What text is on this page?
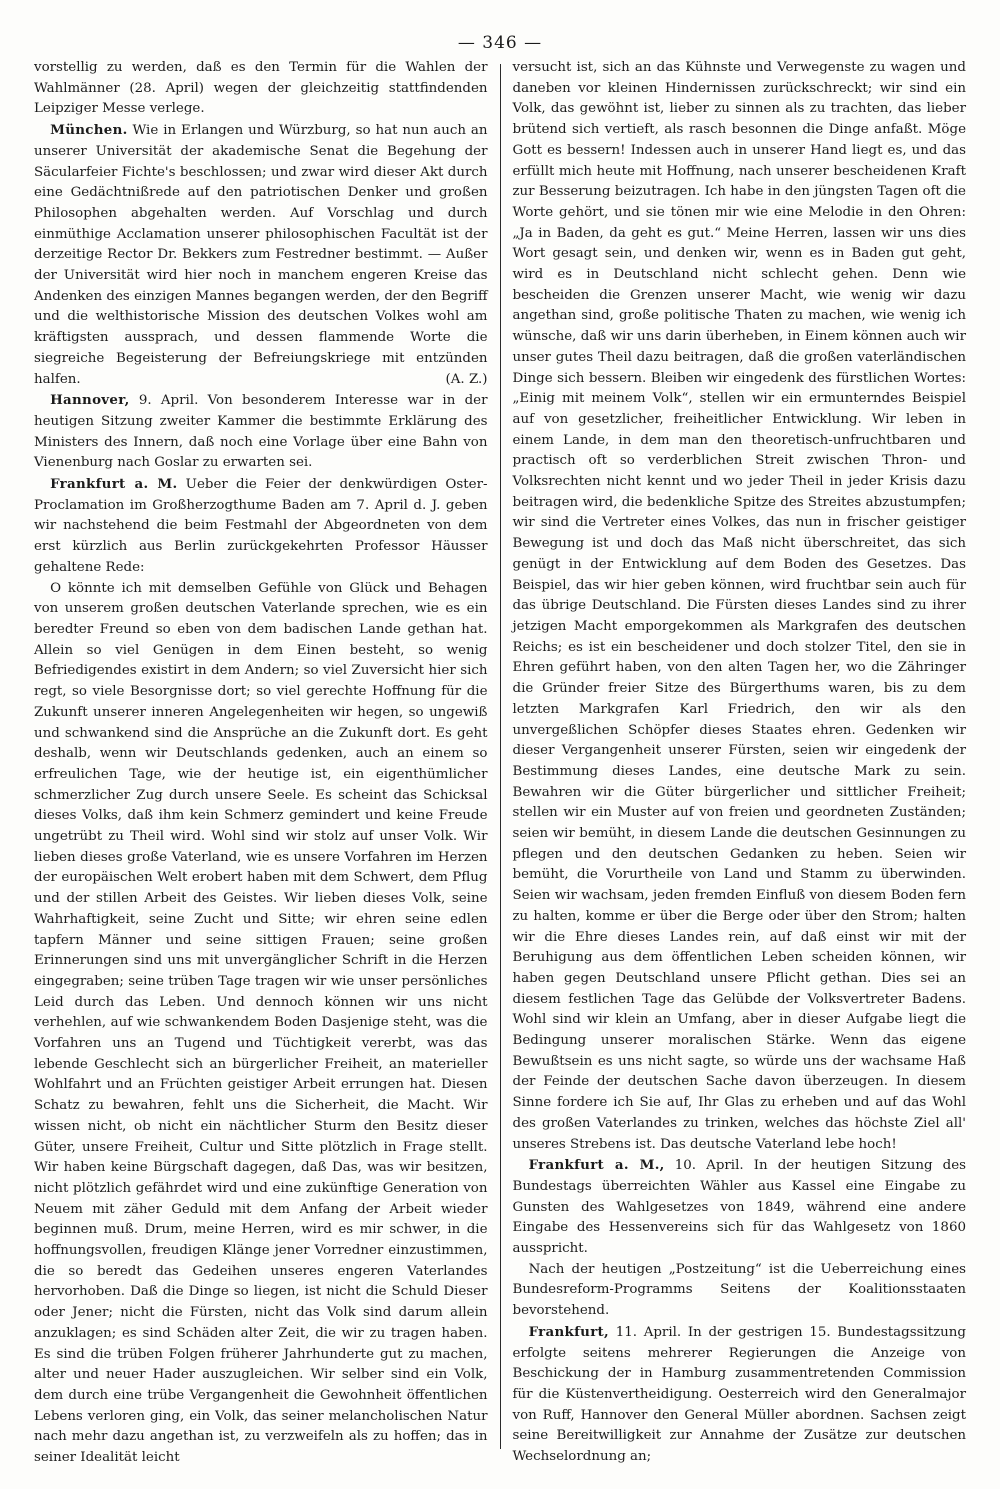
— 346 —

vorstellig zu werden, daß es den Termin für die Wahlen der Wahlmänner (28. April) wegen der gleichzeitig stattfindenden Leipziger Messe verlege.

München. Wie in Erlangen und Würzburg, so hat nun auch an unserer Universität der akademische Senat die Begehung der Säcularfeier Fichte's beschlossen; und zwar wird dieser Akt durch eine Gedächtnißrede auf den patriotischen Denker und großen Philosophen abgehalten werden. Auf Vorschlag und durch einmüthige Acclamation unserer philosophischen Facultät ist der derzeitige Rector Dr. Bekkers zum Festredner bestimmt. — Außer der Universität wird hier noch in manchem engeren Kreise das Andenken des einzigen Mannes begangen werden, der den Begriff und die welthistorische Mission des deutschen Volkes wohl am kräftigsten aussprach, und dessen flammende Worte die siegreiche Begeisterung der Befreiungskriege mit entzünden halfen.	(A. Z.)

Hannover, 9. April. Von besonderem Interesse war in der heutigen Sitzung zweiter Kammer die bestimmte Erklärung des Ministers des Innern, daß noch eine Vorlage über eine Bahn von Vienenburg nach Goslar zu erwarten sei.

Frankfurt a. M. Ueber die Feier der denkwürdigen Oster-Proclamation im Großherzogthume Baden am 7. April d. J. geben wir nachstehend die beim Festmahl der Abgeordneten von dem erst kürzlich aus Berlin zurückgekehrten Professor Häusser gehaltene Rede:

O könnte ich mit demselben Gefühle von Glück und Behagen von unserem großen deutschen Vaterlande sprechen, wie es ein beredter Freund so eben von dem badischen Lande gethan hat. Allein so viel Genügen in dem Einen besteht, so wenig Befriedigendes existirt in dem Andern; so viel Zuversicht hier sich regt, so viele Besorgnisse dort; so viel gerechte Hoffnung für die Zukunft unserer inneren Angelegenheiten wir hegen, so ungewiß und schwankend sind die Ansprüche an die Zukunft dort. Es geht deshalb, wenn wir Deutschlands gedenken, auch an einem so erfreulichen Tage, wie der heutige ist, ein eigenthümlicher schmerzlicher Zug durch unsere Seele. Es scheint das Schicksal dieses Volks, daß ihm kein Schmerz gemindert und keine Freude ungetrübt zu Theil wird. Wohl sind wir stolz auf unser Volk. Wir lieben dieses große Vaterland, wie es unsere Vorfahren im Herzen der europäischen Welt erobert haben mit dem Schwert, dem Pflug und der stillen Arbeit des Geistes. Wir lieben dieses Volk, seine Wahrhaftigkeit, seine Zucht und Sitte; wir ehren seine edlen tapfern Männer und seine sittigen Frauen; seine großen Erinnerungen sind uns mit unvergänglicher Schrift in die Herzen eingegraben; seine trüben Tage tragen wir wie unser persönliches Leid durch das Leben. Und dennoch können wir uns nicht verhehlen, auf wie schwankendem Boden Dasjenige steht, was die Vorfahren uns an Tugend und Tüchtigkeit vererbt, was das lebende Geschlecht sich an bürgerlicher Freiheit, an materieller Wohlfahrt und an Früchten geistiger Arbeit errungen hat. Diesen Schatz zu bewahren, fehlt uns die Sicherheit, die Macht. Wir wissen nicht, ob nicht ein nächtlicher Sturm den Besitz dieser Güter, unsere Freiheit, Cultur und Sitte plötzlich in Frage stellt. Wir haben keine Bürgschaft dagegen, daß Das, was wir besitzen, nicht plötzlich gefährdet wird und eine zukünftige Generation von Neuem mit zäher Geduld mit dem Anfang der Arbeit wieder beginnen muß. Drum, meine Herren, wird es mir schwer, in die hoffnungsvollen, freudigen Klänge jener Vorredner einzustimmen, die so beredt das Gedeihen unseres engeren Vaterlandes hervorhoben. Daß die Dinge so liegen, ist nicht die Schuld Dieser oder Jener; nicht die Fürsten, nicht das Volk sind darum allein anzuklagen; es sind Schäden alter Zeit, die wir zu tragen haben. Es sind die trüben Folgen früherer Jahrhunderte gut zu machen, alter und neuer Hader auszugleichen. Wir selber sind ein Volk, dem durch eine trübe Vergangenheit die Gewohnheit öffentlichen Lebens verloren ging, ein Volk, das seiner melancholischen Natur nach mehr dazu angethan ist, zu verzweifeln als zu hoffen; das in seiner Idealität leicht

versucht ist, sich an das Kühnste und Verwegenste zu wagen und daneben vor kleinen Hindernissen zurückschreckt; wir sind ein Volk, das gewöhnt ist, lieber zu sinnen als zu trachten, das lieber brütend sich vertieft, als rasch besonnen die Dinge anfaßt. Möge Gott es bessern! Indessen auch in unserer Hand liegt es, und das erfüllt mich heute mit Hoffnung, nach unserer bescheidenen Kraft zur Besserung beizutragen. Ich habe in den jüngsten Tagen oft die Worte gehört, und sie tönen mir wie eine Melodie in den Ohren: „Ja in Baden, da geht es gut.“ Meine Herren, lassen wir uns dies Wort gesagt sein, und denken wir, wenn es in Baden gut geht, wird es in Deutschland nicht schlecht gehen. Denn wie bescheiden die Grenzen unserer Macht, wie wenig wir dazu angethan sind, große politische Thaten zu machen, wie wenig ich wünsche, daß wir uns darin überheben, in Einem können auch wir unser gutes Theil dazu beitragen, daß die großen vaterländischen Dinge sich bessern. Bleiben wir eingedenk des fürstlichen Wortes: „Einig mit meinem Volk“, stellen wir ein ermunterndes Beispiel auf von gesetzlicher, freiheitlicher Entwicklung. Wir leben in einem Lande, in dem man den theoretisch-unfruchtbaren und practisch oft so verderblichen Streit zwischen Thron- und Volksrechten nicht kennt und wo jeder Theil in jeder Krisis dazu beitragen wird, die bedenkliche Spitze des Streites abzustumpfen; wir sind die Vertreter eines Volkes, das nun in frischer geistiger Bewegung ist und doch das Maß nicht überschreitet, das sich genügt in der Entwicklung auf dem Boden des Gesetzes. Das Beispiel, das wir hier geben können, wird fruchtbar sein auch für das übrige Deutschland. Die Fürsten dieses Landes sind zu ihrer jetzigen Macht emporgekommen als Markgrafen des deutschen Reichs; es ist ein bescheidener und doch stolzer Titel, den sie in Ehren geführt haben, von den alten Tagen her, wo die Zähringer die Gründer freier Sitze des Bürgerthums waren, bis zu dem letzten Markgrafen Karl Friedrich, den wir als den unvergeßlichen Schöpfer dieses Staates ehren. Gedenken wir dieser Vergangenheit unserer Fürsten, seien wir eingedenk der Bestimmung dieses Landes, eine deutsche Mark zu sein. Bewahren wir die Güter bürgerlicher und sittlicher Freiheit; stellen wir ein Muster auf von freien und geordneten Zuständen; seien wir bemüht, in diesem Lande die deutschen Gesinnungen zu pflegen und den deutschen Gedanken zu heben. Seien wir bemüht, die Vorurtheile von Land und Stamm zu überwinden. Seien wir wachsam, jeden fremden Einfluß von diesem Boden fern zu halten, komme er über die Berge oder über den Strom; halten wir die Ehre dieses Landes rein, auf daß einst wir mit der Beruhigung aus dem öffentlichen Leben scheiden können, wir haben gegen Deutschland unsere Pflicht gethan. Dies sei an diesem festlichen Tage das Gelübde der Volksvertreter Badens. Wohl sind wir klein an Umfang, aber in dieser Aufgabe liegt die Bedingung unserer moralischen Stärke. Wenn das eigene Bewußtsein es uns nicht sagte, so würde uns der wachsame Haß der Feinde der deutschen Sache davon überzeugen. In diesem Sinne fordere ich Sie auf, Ihr Glas zu erheben und auf das Wohl des großen Vaterlandes zu trinken, welches das höchste Ziel all' unseres Strebens ist. Das deutsche Vaterland lebe hoch!

Frankfurt a. M., 10. April. In der heutigen Sitzung des Bundestags überreichten Wähler aus Kassel eine Eingabe zu Gunsten des Wahlgesetzes von 1849, während eine andere Eingabe des Hessenvereins sich für das Wahlgesetz von 1860 ausspricht.

Nach der heutigen „Postzeitung“ ist die Ueberreichung eines Bundesreform-Programms Seitens der Koalitionsstaaten bevorstehend.

Frankfurt, 11. April. In der gestrigen 15. Bundestagssitzung erfolgte seitens mehrerer Regierungen die Anzeige von Beschickung der in Hamburg zusammentretenden Commission für die Küstenvertheidigung. Oesterreich wird den Generalmajor von Ruff, Hannover den General Müller abordnen. Sachsen zeigt seine Bereitwilligkeit zur Annahme der Zusätze zur deutschen Wechselordnung an;
